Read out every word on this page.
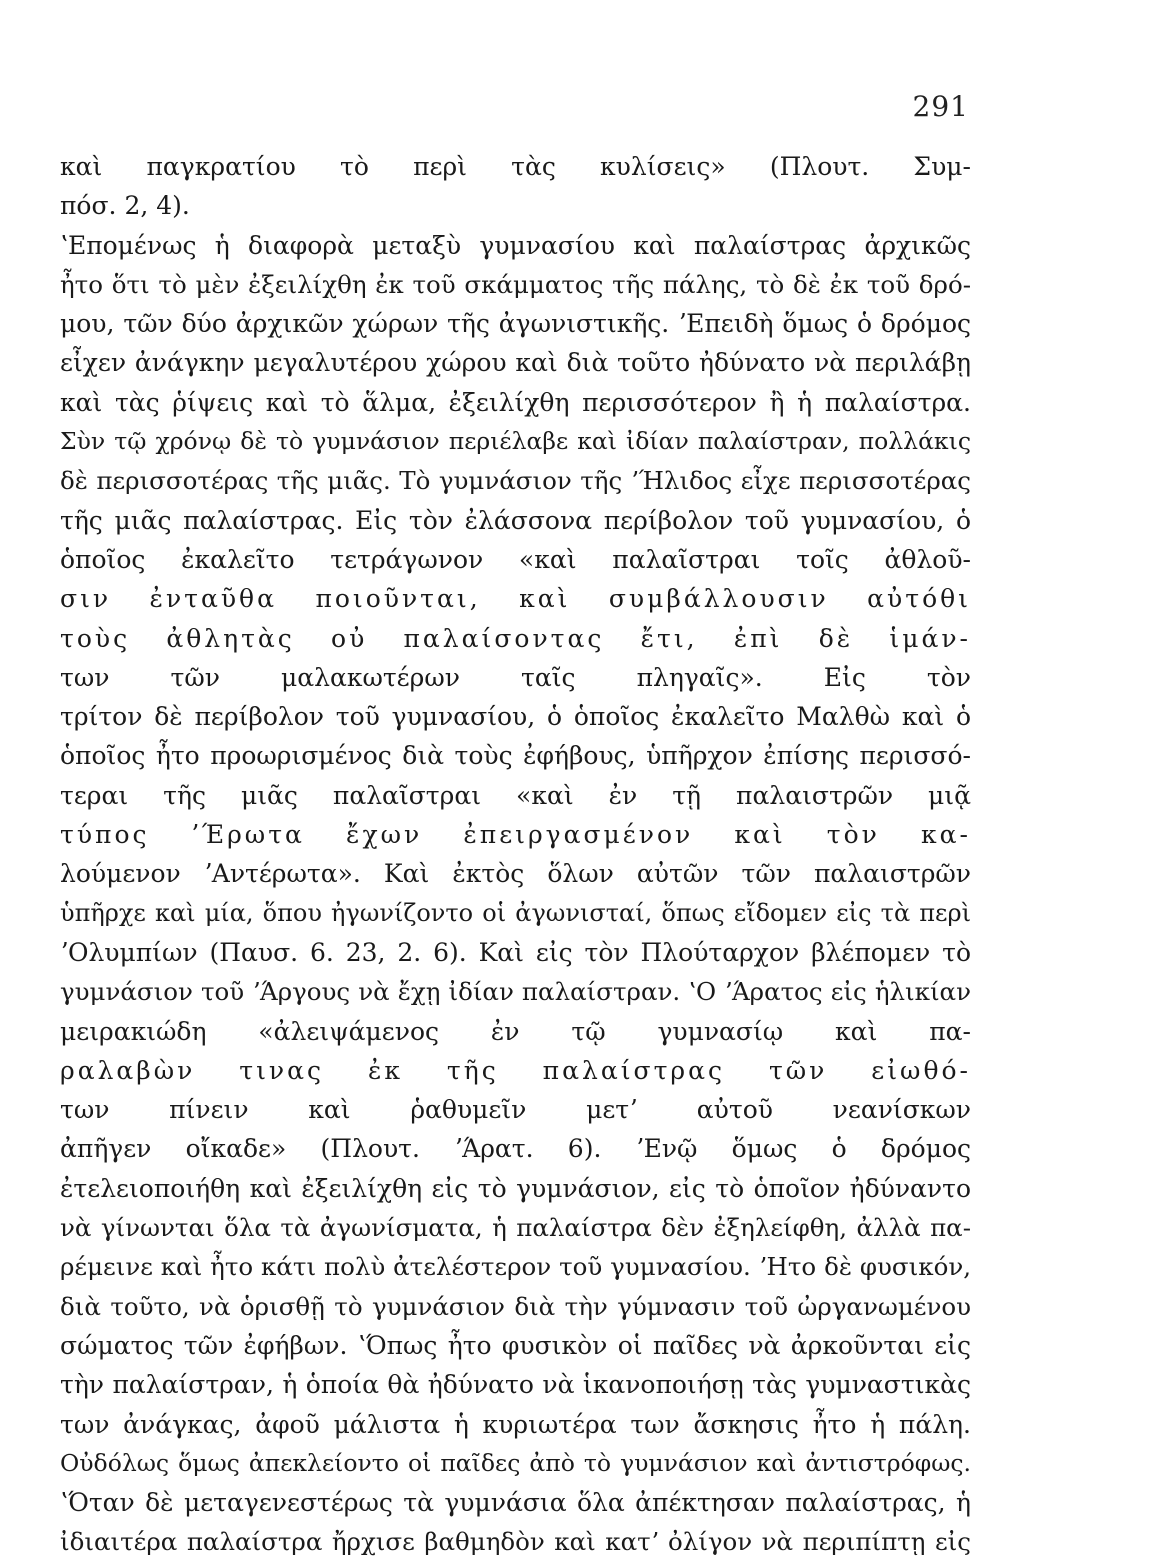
291
καὶ παγκρατίου τὸ περὶ τὰς κυλίσεις» (Πλουτ. Συμ-
πόσ. 2, 4).
ʽΕπομένως ἡ διαφορὰ μεταξὺ γυμνασίου καὶ παλαίστρας ἀρχικῶς
ἦτο ὅτι τὸ μὲν ἐξειλίχθη ἐκ τοῦ σκάμματος τῆς πάλης, τὸ δὲ ἐκ τοῦ δρό-
μου, τῶν δύο ἀρχικῶν χώρων τῆς ἀγωνιστικῆς. ʼΕπειδὴ ὅμως ὁ δρόμος
εἶχεν ἀνάγκην μεγαλυτέρου χώρου καὶ διὰ τοῦτο ἠδύνατο νὰ περιλάβῃ
καὶ τὰς ῥίψεις καὶ τὸ ἅλμα, ἐξειλίχθη περισσότερον ἢ ἡ παλαίστρα.
Σὺν τῷ χρόνῳ δὲ τὸ γυμνάσιον περιέλαβε καὶ ἰδίαν παλαίστραν, πολλάκις
δὲ περισσοτέρας τῆς μιᾶς. Τὸ γυμνάσιον τῆς ʼΉλιδος εἶχε περισσοτέρας
τῆς μιᾶς παλαίστρας. Εἰς τὸν ἐλάσσονα περίβολον τοῦ γυμνασίου, ὁ
ὁποῖος ἐκαλεῖτο τετράγωνον «καὶ παλαῖστραι τοῖς ἀθλοῦ-
σιν ἐνταῦθα ποιοῦνται, καὶ συμβάλλουσιν αὐτόθι
τοὺς ἀθλητὰς οὐ παλαίσοντας ἔτι, ἐπὶ δὲ ἱμάν-
των τῶν μαλακωτέρων ταῖς πληγαῖς». Εἰς τὸν
τρίτον δὲ περίβολον τοῦ γυμνασίου, ὁ ὁποῖος ἐκαλεῖτο Μαλθὼ καὶ ὁ
ὁποῖος ἦτο προωρισμένος διὰ τοὺς ἐφήβους, ὑπῆρχον ἐπίσης περισσό-
τεραι τῆς μιᾶς παλαῖστραι «καὶ ἐν τῇ παλαιστρῶν μιᾷ
τύπος ʼΈρωτα ἔχων ἐπειργασμένον καὶ τὸν κα-
λούμενον ʼΑντέρωτα». Καὶ ἐκτὸς ὅλων αὐτῶν τῶν παλαιστρῶν
ὑπῆρχε καὶ μία, ὅπου ἠγωνίζοντο οἱ ἀγωνισταί, ὅπως εἴδομεν εἰς τὰ περὶ
ʼΟλυμπίων (Παυσ. 6. 23, 2. 6). Καὶ εἰς τὸν Πλούταρχον βλέπομεν τὸ
γυμνάσιον τοῦ ʼΆργους νὰ ἔχῃ ἰδίαν παλαίστραν. ʽΟ ʼΆρατος εἰς ἡλικίαν
μειρακιώδη «ἀλειψάμενος ἐν τῷ γυμνασίῳ καὶ πα-
ραλαβὼν τινας ἐκ τῆς παλαίστρας τῶν εἰωθό-
των πίνειν καὶ ῥαθυμεῖν μετʼ αὐτοῦ νεανίσκων
ἀπῆγεν οἴκαδε» (Πλουτ. ʼΆρατ. 6). ʼΕνῷ ὅμως ὁ δρόμος
ἐτελειοποιήθη καὶ ἐξειλίχθη εἰς τὸ γυμνάσιον, εἰς τὸ ὁποῖον ἠδύναντο
νὰ γίνωνται ὅλα τὰ ἀγωνίσματα, ἡ παλαίστρα δὲν ἐξηλείφθη, ἀλλὰ πα-
ρέμεινε καὶ ἦτο κάτι πολὺ ἀτελέστερον τοῦ γυμνασίου. ʼΗτο δὲ φυσικόν,
διὰ τοῦτο, νὰ ὁρισθῇ τὸ γυμνάσιον διὰ τὴν γύμνασιν τοῦ ὠργανωμένου
σώματος τῶν ἐφήβων. ʽΌπως ἦτο φυσικὸν οἱ παῖδες νὰ ἀρκοῦνται εἰς
τὴν παλαίστραν, ἡ ὁποία θὰ ἠδύνατο νὰ ἱκανοποιήσῃ τὰς γυμναστικὰς
των ἀνάγκας, ἀφοῦ μάλιστα ἡ κυριωτέρα των ἄσκησις ἦτο ἡ πάλη.
Οὐδόλως ὅμως ἀπεκλείοντο οἱ παῖδες ἀπὸ τὸ γυμνάσιον καὶ ἀντιστρόφως.
ʽΌταν δὲ μεταγενεστέρως τὰ γυμνάσια ὅλα ἀπέκτησαν παλαίστρας, ἡ
ἰδιαιτέρα παλαίστρα ἤρχισε βαθμηδὸν καὶ κατʼ ὀλίγον νὰ περιπίπτῃ εἰς
